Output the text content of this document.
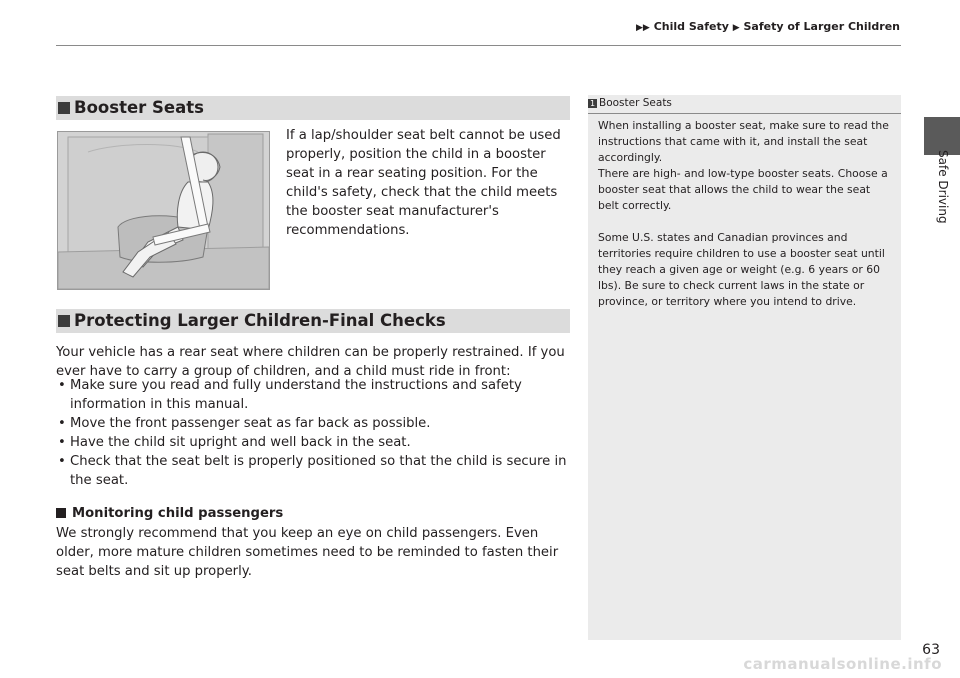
▶▶ Child Safety ▶ Safety of Larger Children
Safe Driving
Booster Seats
If a lap/shoulder seat belt cannot be used properly, position the child in a booster seat in a rear seating position. For the child's safety, check that the child meets the booster seat manufacturer's recommendations.
Protecting Larger Children-Final Checks
Your vehicle has a rear seat where children can be properly restrained. If you ever have to carry a group of children, and a child must ride in front:
• Make sure you read and fully understand the instructions and safety information in this manual.
• Move the front passenger seat as far back as possible.
• Have the child sit upright and well back in the seat.
• Check that the seat belt is properly positioned so that the child is secure in the seat.
Monitoring child passengers
We strongly recommend that you keep an eye on child passengers. Even older, more mature children sometimes need to be reminded to fasten their seat belts and sit up properly.
1 Booster Seats

When installing a booster seat, make sure to read the instructions that came with it, and install the seat accordingly.
There are high- and low-type booster seats. Choose a booster seat that allows the child to wear the seat belt correctly.

Some U.S. states and Canadian provinces and territories require children to use a booster seat until they reach a given age or weight (e.g. 6 years or 60 lbs). Be sure to check current laws in the state or province, or territory where you intend to drive.

63
carmanualsonline.info
